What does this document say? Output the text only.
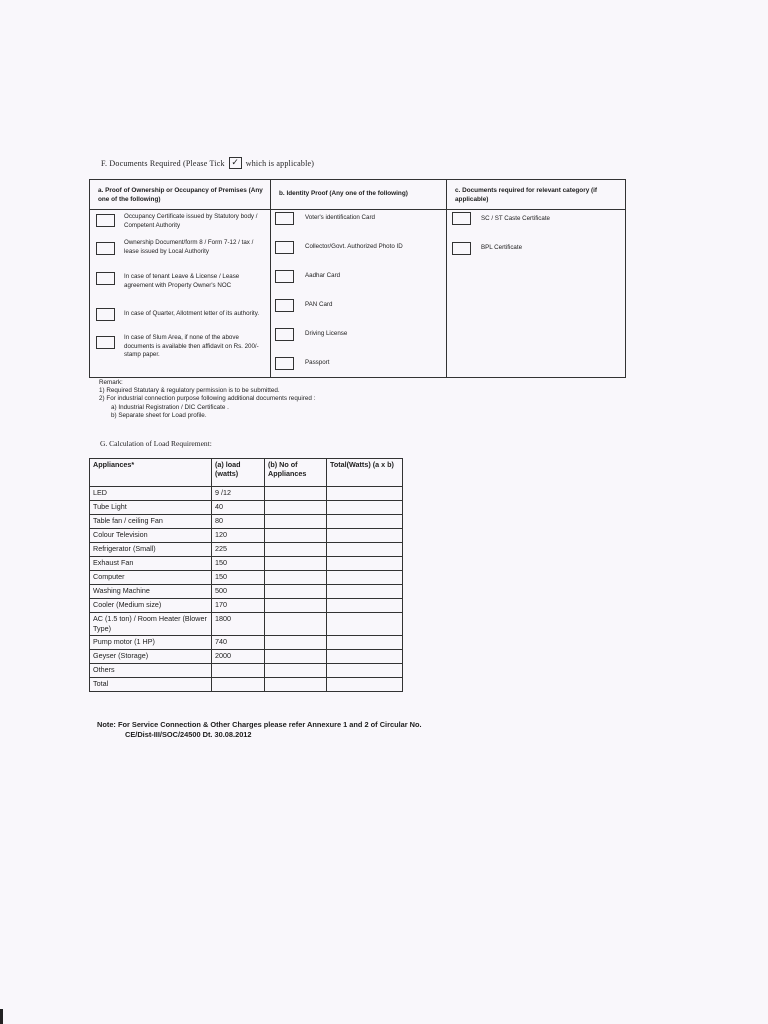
F. Documents Required (Please Tick ✓ which is applicable)
a. Proof of Ownership or Occupancy of Premises (Any one of the following)
Occupancy Certificate issued by Statutory body / Competent Authority
Ownership Document/form 8 / Form 7-12 / tax / lease issued by Local Authority
In case of tenant Leave & License / Lease agreement with Property Owner's NOC
In case of Quarter, Allotment letter of its authority.
In case of Slum Area, if none of the above documents is available then affidavit on Rs. 200/- stamp paper.
b. Identity Proof (Any one of the following)
Voter's identification Card
Collector/Govt. Authorized Photo ID
Aadhar Card
PAN Card
Driving License
Passport
c. Documents required for relevant category (if applicable)
SC / ST Caste Certificate
BPL Certificate
Remark:
1) Required Statutary & regulatory permission is to be submitted.
2) For industrial connection purpose following additional documents required :
a) Industrial Registration / DIC Certificate .
b) Separate sheet for Load profile.
G. Calculation of Load Requirement:
Appliances*	(a) load (watts)	(b) No of Appliances	Total(Watts) (a x b)
LED	9 /12		
Tube Light	40		
Table fan / ceiling Fan	80		
Colour Television	120		
Refrigerator (Small)	225		
Exhaust Fan	150		
Computer	150		
Washing Machine	500		
Cooler (Medium size)	170		
AC (1.5 ton) / Room Heater (Blower Type)	1800		
Pump motor (1 HP)	740		
Geyser (Storage)	2000		
Others			
Total			
Note: For Service Connection & Other Charges please refer Annexure 1 and 2 of Circular No.
CE/Dist-III/SOC/24500 Dt. 30.08.2012
